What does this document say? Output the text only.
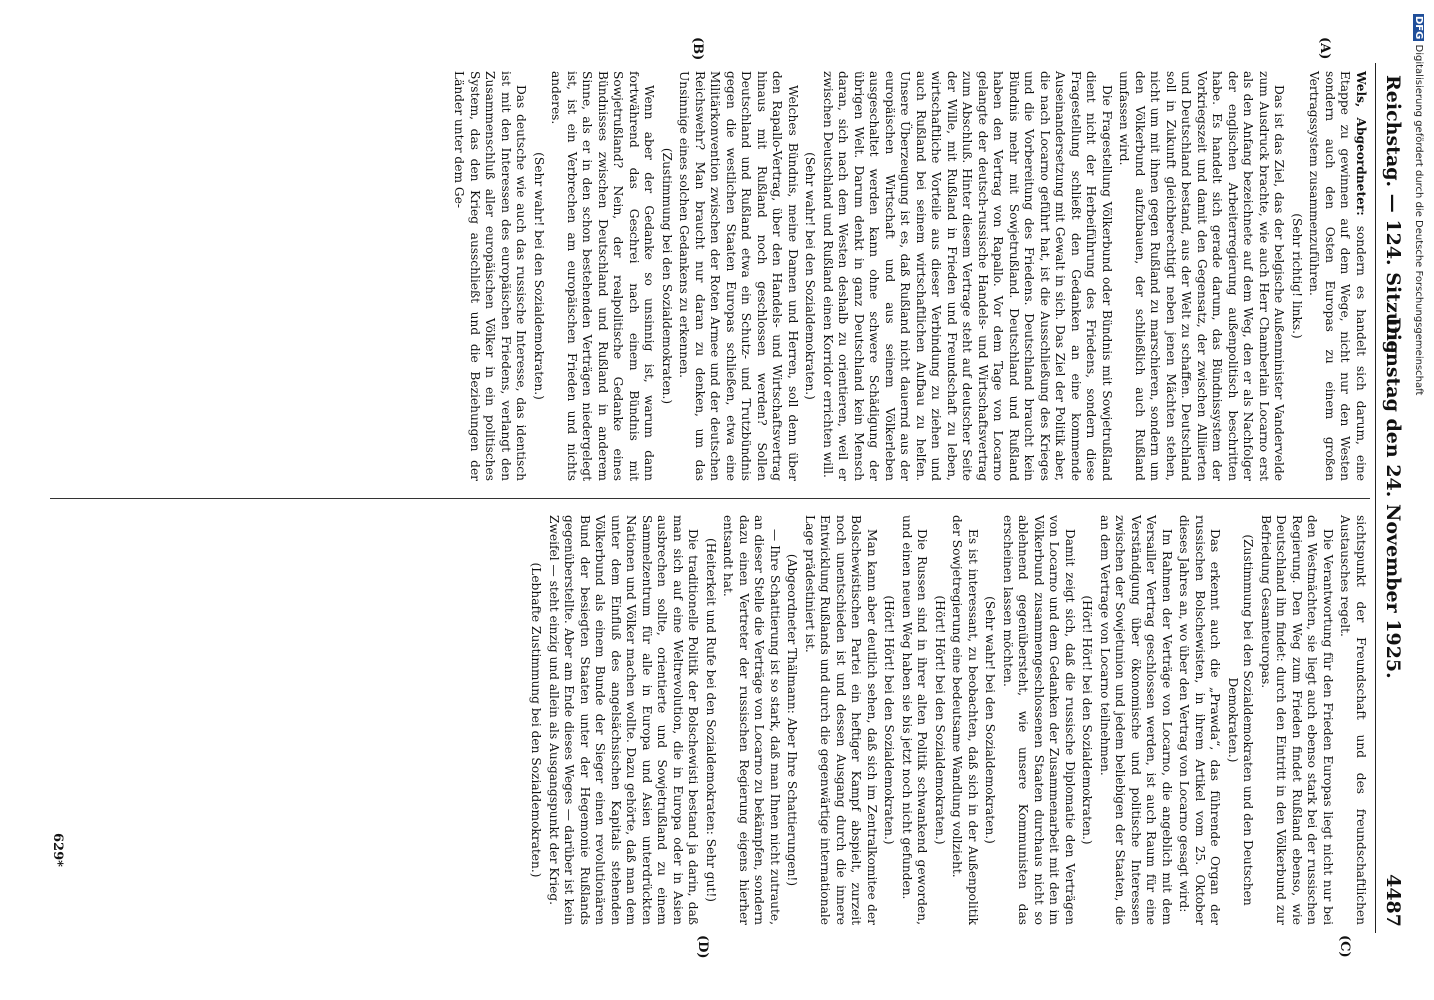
Reichstag. — 124. Sitzung.
Dienstag den 24. November 1925.
4487
(A)
(B)
(C)
(D)

Wels, Abgeordneter: sondern es handelt sich darum, eine Etappe zu gewinnen auf dem Wege, nicht nur den Westen sondern auch den Osten Europas zu einem großen Vertragssystem zusammenzuführen.

(Sehr richtig! links.)

Das ist das Ziel, das der belgische Außenminister Vandervelde zum Ausdruck brachte, wie auch Herr Chamberlain Locarno erst als den Anfang bezeichnete auf dem Weg, den er als Nachfolger der englischen Arbeiterregierung außenpolitisch beschritten habe. Es handelt sich gerade darum, das Bündnissystem der Vorkriegszeit und damit den Gegensatz, der zwischen Alliierten und Deutschland bestand, aus der Welt zu schaffen. Deutschland soll in Zukunft gleichberechtigt neben jenen Mächten stehen, nicht um mit ihnen gegen Rußland zu marschieren, sondern um den Völkerbund aufzubauen, der schließlich auch Rußland umfassen wird.

Die Fragestellung Völkerbund oder Bündnis mit Sowjetrußland dient nicht der Herbeiführung des Friedens, sondern diese Fragestellung schließt den Gedanken an eine kommende Auseinandersetzung mit Gewalt in sich. Das Ziel der Politik aber, die nach Locarno geführt hat, ist die Ausschließung des Krieges und die Vorbereitung des Friedens. Deutschland braucht kein Bündnis mehr mit Sowjetrußland. Deutschland und Rußland haben den Vertrag von Rapallo. Vor dem Tage von Locarno gelangte der deutsch-russische Handels- und Wirtschaftsvertrag zum Abschluß. Hinter diesem Vertrage steht auf deutscher Seite der Wille, mit Rußland in Frieden und Freundschaft zu leben, wirtschaftliche Vorteile aus dieser Verbindung zu ziehen und auch Rußland bei seinem wirtschaftlichen Aufbau zu helfen. Unsere Überzeugung ist es, daß Rußland nicht dauernd aus der europäischen Wirtschaft und aus seinem Völkerleben ausgeschaltet werden kann ohne schwere Schädigung der übrigen Welt. Darum denkt in ganz Deutschland kein Mensch daran, sich nach dem Westen deshalb zu orientieren, weil er zwischen Deutschland und Rußland einen Korridor errichten will.

(Sehr wahr! bei den Sozialdemokraten.)

Welches Bündnis, meine Damen und Herren, soll denn über den Rapallo-Vertrag, über den Handels- und Wirtschaftsvertrag hinaus mit Rußland noch geschlossen werden? Sollen Deutschland und Rußland etwa ein Schutz- und Trutzbündnis gegen die westlichen Staaten Europas schließen, etwa eine Militärkonvention zwischen der Roten Armee und der deutschen Reichswehr? Man braucht nur daran zu denken, um das Unsinnige eines solchen Gedankens zu erkennen.

(Zustimmung bei den Sozialdemokraten.)

Wenn aber der Gedanke so unsinnig ist, warum dann fortwährend das Geschrei nach einem Bündnis mit Sowjetrußland? Nein, der realpolitische Gedanke eines Bündnisses zwischen Deutschland und Rußland in anderem Sinne, als er in den schon bestehenden Verträgen niedergelegt ist, ist ein Verbrechen am europäischen Frieden und nichts anderes.

(Sehr wahr! bei den Sozialdemokraten.)

Das deutsche wie auch das russische Interesse, das identisch ist mit den Interessen des europäischen Friedens, verlangt den Zusammenschluß aller europäischen Völker in ein politisches System, das den Krieg ausschließt und die Beziehungen der Länder unter dem Ge-

sichtspunkt der Freundschaft und des freundschaftlichen Austausches regelt.

Die Verantwortung für den Frieden Europas liegt nicht nur bei den Westmächten, sie liegt auch ebenso stark bei der russischen Regierung. Den Weg zum Frieden findet Rußland ebenso, wie Deutschland ihn findet: durch den Eintritt in den Völkerbund zur Befriedung Gesamteuropas.

(Zustimmung bei den Sozialdemokraten und den Deutschen Demokraten.)

Das erkennt auch die „Prawda“, das führende Organ der russischen Bolschewisten, in ihrem Artikel vom 25. Oktober dieses Jahres an, wo über den Vertrag von Locarno gesagt wird:

Im Rahmen der Verträge von Locarno, die angeblich mit dem Versailler Vertrag geschlossen werden, ist auch Raum für eine Verständigung über ökonomische und politische Interessen zwischen der Sowjetunion und jedem beliebigen der Staaten, die an dem Vertrage von Locarno teilnehmen.

(Hört! Hört! bei den Sozialdemokraten.)

Damit zeigt sich, daß die russische Diplomatie den Verträgen von Locarno und dem Gedanken der Zusammenarbeit mit den im Völkerbund zusammengeschlossenen Staaten durchaus nicht so ablehnend gegenübersteht, wie unsere Kommunisten das erscheinen lassen möchten.

(Sehr wahr! bei den Sozialdemokraten.)

Es ist interessant, zu beobachten, daß sich in der Außenpolitik der Sowjetregierung eine bedeutsame Wandlung vollzieht.

(Hört! Hört! bei den Sozialdemokraten.)

Die Russen sind in ihrer alten Politik schwankend geworden, und einen neuen Weg haben sie bis jetzt noch nicht gefunden.

(Hört! Hört! bei den Sozialdemokraten.)

Man kann aber deutlich sehen, daß sich im Zentralkomitee der Bolschewistischen Partei ein heftiger Kampf abspielt, zurzeit noch unentschieden ist und dessen Ausgang durch die innere Entwicklung Rußlands und durch die gegenwärtige internationale Lage prädestiniert ist.

(Abgeordneter Thälmann: Aber Ihre Schattierungen!)

— Ihre Schattierung ist so stark, daß man Ihnen nicht zutraute, an dieser Stelle die Verträge von Locarno zu bekämpfen, sondern dazu einen Vertreter der russischen Regierung eigens hierher entsandt hat.

(Heiterkeit und Rufe bei den Sozialdemokraten: Sehr gut!)

Die traditionelle Politik der Bolschewisti bestand ja darin, daß man sich auf eine Weltrevolution, die in Europa oder in Asien ausbrechen sollte, orientierte und Sowjetrußland zu einem Sammelzentrum für alle in Europa und Asien unterdrückten Nationen und Völker machen wollte. Dazu gehörte, daß man dem unter dem Einfluß des angelsächsischen Kapitals stehenden Völkerbund als einem Bunde der Sieger einen revolutionären Bund der besiegten Staaten unter der Hegemonie Rußlands gegenüberstellte. Aber am Ende dieses Weges — darüber ist kein Zweifel — steht einzig und allein als Ausgangspunkt der Krieg.

(Lebhafte Zustimmung bei den Sozialdemokraten.)

629*
DFG Digitalisierung gefördert durch die Deutsche Forschungsgemeinschaft
